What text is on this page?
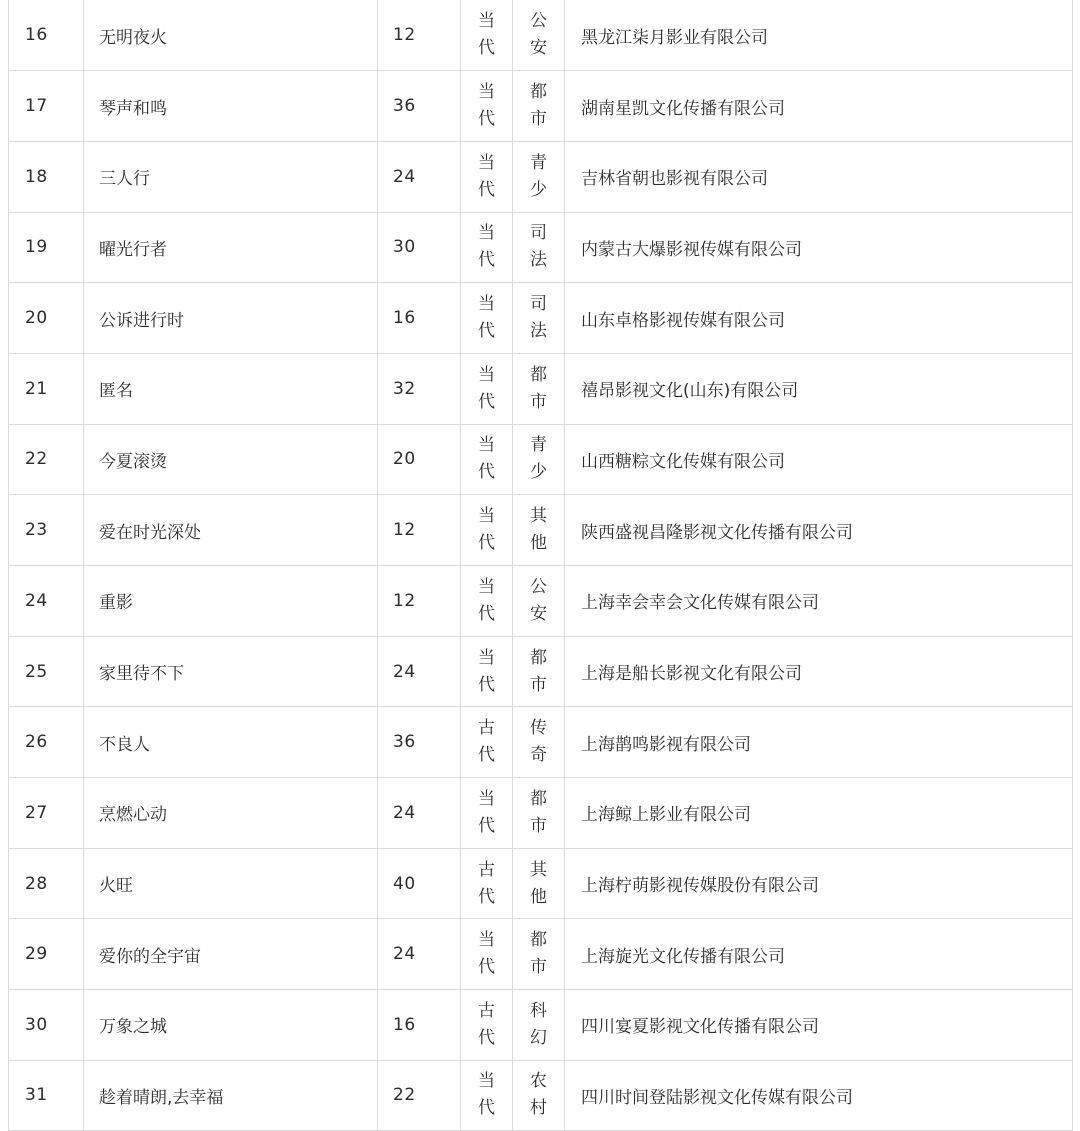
16	无明夜火	12	当代	公安	黑龙江柒月影业有限公司
17	琴声和鸣	36	当代	都市	湖南星凯文化传播有限公司
18	三人行	24	当代	青少	吉林省朝也影视有限公司
19	曜光行者	30	当代	司法	内蒙古大爆影视传媒有限公司
20	公诉进行时	16	当代	司法	山东卓格影视传媒有限公司
21	匿名	32	当代	都市	禧昂影视文化(山东)有限公司
22	今夏滚烫	20	当代	青少	山西糖粽文化传媒有限公司
23	爱在时光深处	12	当代	其他	陕西盛视昌隆影视文化传播有限公司
24	重影	12	当代	公安	上海幸会幸会文化传媒有限公司
25	家里待不下	24	当代	都市	上海是船长影视文化有限公司
26	不良人	36	古代	传奇	上海鹊鸣影视有限公司
27	烹燃心动	24	当代	都市	上海鲸上影业有限公司
28	火旺	40	古代	其他	上海柠萌影视传媒股份有限公司
29	爱你的全宇宙	24	当代	都市	上海旋光文化传播有限公司
30	万象之城	16	古代	科幻	四川宴夏影视文化传播有限公司
31	趁着晴朗,去幸福	22	当代	农村	四川时间登陆影视文化传媒有限公司
